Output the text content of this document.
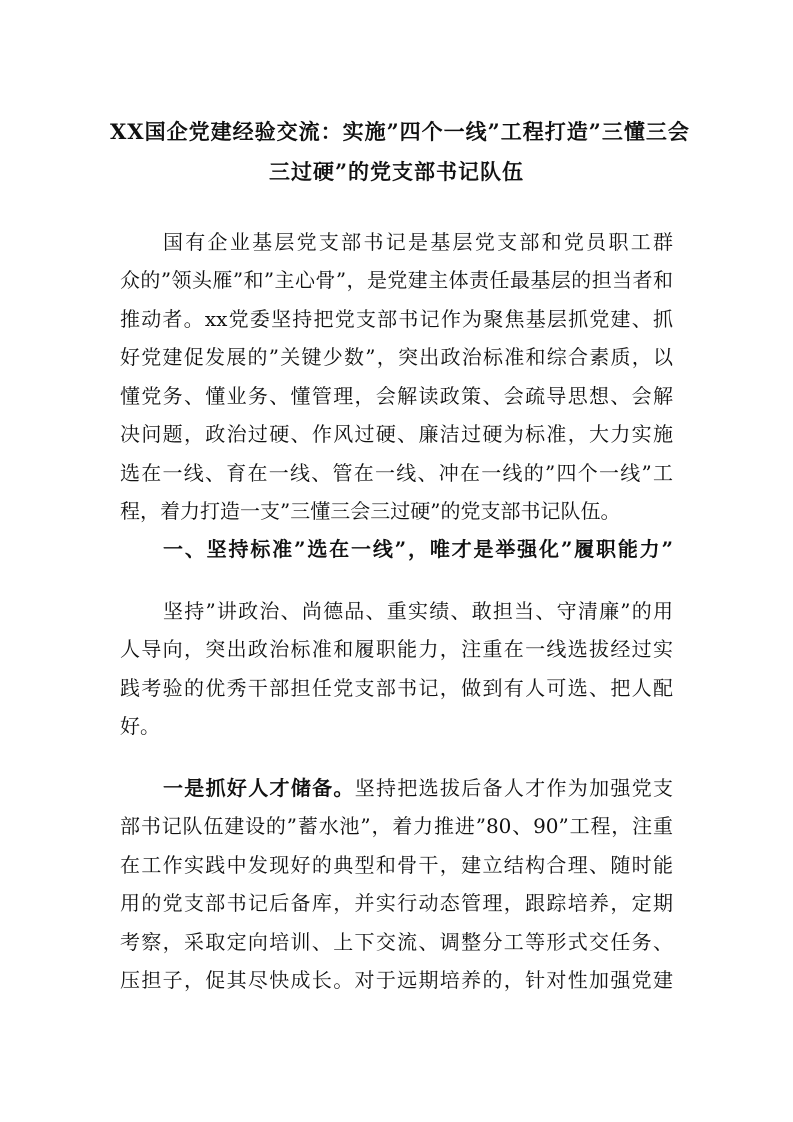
XX国企党建经验交流：实施”四个一线”工程打造”三懂三会
三过硬”的党支部书记队伍
国有企业基层党支部书记是基层党支部和党员职工群
众的”领头雁”和”主心骨”，是党建主体责任最基层的担当者和
推动者。xx党委坚持把党支部书记作为聚焦基层抓党建、抓
好党建促发展的”关键少数”，突出政治标准和综合素质，以
懂党务、懂业务、懂管理，会解读政策、会疏导思想、会解
决问题，政治过硬、作风过硬、廉洁过硬为标准，大力实施
选在一线、育在一线、管在一线、冲在一线的”四个一线”工
程，着力打造一支”三懂三会三过硬”的党支部书记队伍。
一、坚持标准”选在一线”，唯才是举强化”履职能力”
坚持”讲政治、尚德品、重实绩、敢担当、守清廉”的用
人导向，突出政治标准和履职能力，注重在一线选拔经过实
践考验的优秀干部担任党支部书记，做到有人可选、把人配
好。
一是抓好人才储备。坚持把选拔后备人才作为加强党支
部书记队伍建设的”蓄水池”，着力推进”80、90”工程，注重
在工作实践中发现好的典型和骨干，建立结构合理、随时能
用的党支部书记后备库，并实行动态管理，跟踪培养，定期
考察，采取定向培训、上下交流、调整分工等形式交任务、
压担子，促其尽快成长。对于远期培养的，针对性加强党建
